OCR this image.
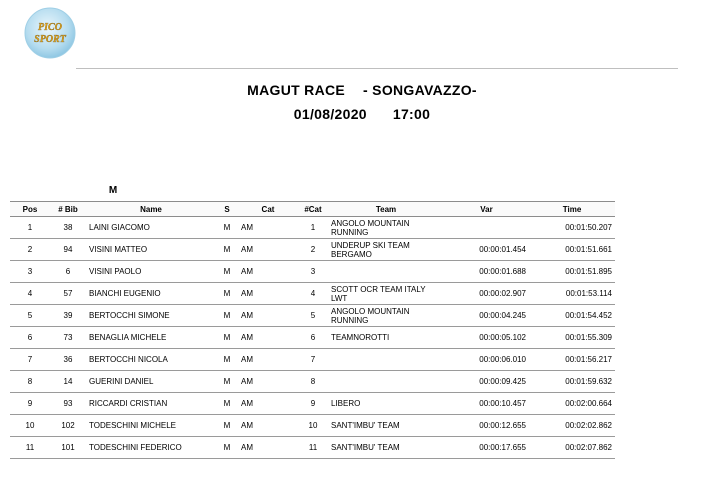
PICO
SPORT
MAGUT RACE - SONGAVAZZO-
01/08/2020 17:00
M								
Pos	# Bib	Name	S	Cat	#Cat	Team	Var	Time
1	38	LAINI GIACOMO	M	AM	1	ANGOLO MOUNTAIN RUNNING		00:01:50.207
2	94	VISINI MATTEO	M	AM	2	UNDERUP SKI TEAM BERGAMO	00:00:01.454	00:01:51.661
3	6	VISINI PAOLO	M	AM	3		00:00:01.688	00:01:51.895
4	57	BIANCHI EUGENIO	M	AM	4	SCOTT OCR TEAM ITALY LWT	00:00:02.907	00:01:53.114
5	39	BERTOCCHI SIMONE	M	AM	5	ANGOLO MOUNTAIN RUNNING	00:00:04.245	00:01:54.452
6	73	BENAGLIA MICHELE	M	AM	6	TEAMNOROTTI	00:00:05.102	00:01:55.309
7	36	BERTOCCHI NICOLA	M	AM	7		00:00:06.010	00:01:56.217
8	14	GUERINI DANIEL	M	AM	8		00:00:09.425	00:01:59.632
9	93	RICCARDI CRISTIAN	M	AM	9	LIBERO	00:00:10.457	00:02:00.664
10	102	TODESCHINI MICHELE	M	AM	10	SANT'IMBU' TEAM	00:00:12.655	00:02:02.862
11	101	TODESCHINI FEDERICO	M	AM	11	SANT'IMBU' TEAM	00:00:17.655	00:02:07.862
